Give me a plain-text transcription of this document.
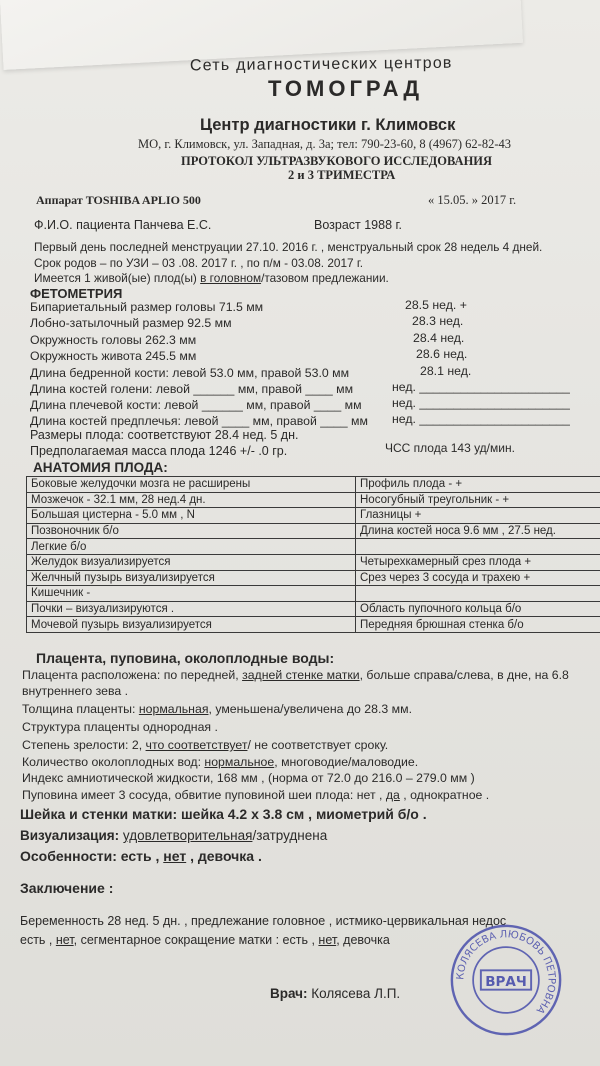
Сеть диагностических центров
ТОМОГРАД
Центр диагностики г. Климовск
МО, г. Климовск, ул. Западная, д. 3а; тел: 790-23-60, 8 (4967) 62-82-43
ПРОТОКОЛ УЛЬТРАЗВУКОВОГО ИССЛЕДОВАНИЯ
2 и 3 ТРИМЕСТРА
Аппарат TOSHIBA APLIO 500	« 15.05. » 2017 г.
Ф.И.О. пациента Панчева Е.С.	Возраст 1988 г.
Первый день последней менструации 27.10. 2016 г. , менструальный срок 28 недель 4 дней.
Срок родов – по УЗИ – 03 .08. 2017 г. , по п/м - 03.08. 2017 г.
Имеется 1 живой(ые) плод(ы) в головном/тазовом предлежании.
ФЕТОМЕТРИЯ
Бипариетальный размер головы 71.5 мм	28.5 нед. +
Лобно-затылочный размер 92.5 мм	28.3 нед.
Окружность головы 262.3 мм	28.4 нед.
Окружность живота 245.5 мм	28.6 нед.
Длина бедренной кости: левой 53.0 мм, правой 53.0 мм	28.1 нед.
Длина костей голени: левой ______ мм, правой ____ мм	нед. ______________________
Длина плечевой кости: левой ______ мм, правой ____ мм нед. ______________________
Длина костей предплечья: левой ____ мм, правой ____ мм нед. ______________________
Размеры плода: соответствуют 28.4 нед. 5 дн.
Предполагаемая масса плода 1246 +/- .0 гр.	ЧСС плода 143 уд/мин.
АНАТОМИЯ ПЛОДА:
Боковые желудочки мозга не расширены	Профиль плода - +
Мозжечок - 32.1 мм, 28 нед.4 дн.	Носогубный треугольник - +
Большая цистерна - 5.0 мм , N	Глазницы +
Позвоночник б/о	Длина костей носа 9.6 мм , 27.5 нед.
Легкие б/о	
Желудок визуализируется	Четырехкамерный срез плода +
Желчный пузырь визуализируется	Срез через 3 сосуда и трахею +
Кишечник -	
Почки – визуализируются .	Область пупочного кольца б/о
Мочевой пузырь визуализируется	Передняя брюшная стенка б/о
Плацента, пуповина, околоплодные воды:
Плацента расположена: по передней, задней стенке матки, больше справа/слева, в дне, на 6.8
внутреннего зева .
Толщина плаценты: нормальная, уменьшена/увеличена до 28.3 мм.
Структура плаценты однородная .
Степень зрелости: 2, что соответствует/ не соответствует сроку.
Количество околоплодных вод: нормальное, многоводие/маловодие.
Индекс амниотической жидкости, 168 мм , (норма от 72.0 до 216.0 – 279.0 мм )
Пуповина имеет 3 сосуда, обвитие пуповиной шеи плода: нет , да , однократное .
Шейка и стенки матки: шейка 4.2 х 3.8 см , миометрий б/о .
Визуализация: удовлетворительная/затруднена
Особенности: есть , нет , девочка .
Заключение :
Беременность 28 нед. 5 дн. , предлежание головное , истмико-цервикальная недос
есть , нет, сегментарное сокращение матки : есть , нет, девочка
Врач: Колясева Л.П.
КОЛЯСЕВА ЛЮБОВЬ ПЕТРОВНА
ВРАЧ
